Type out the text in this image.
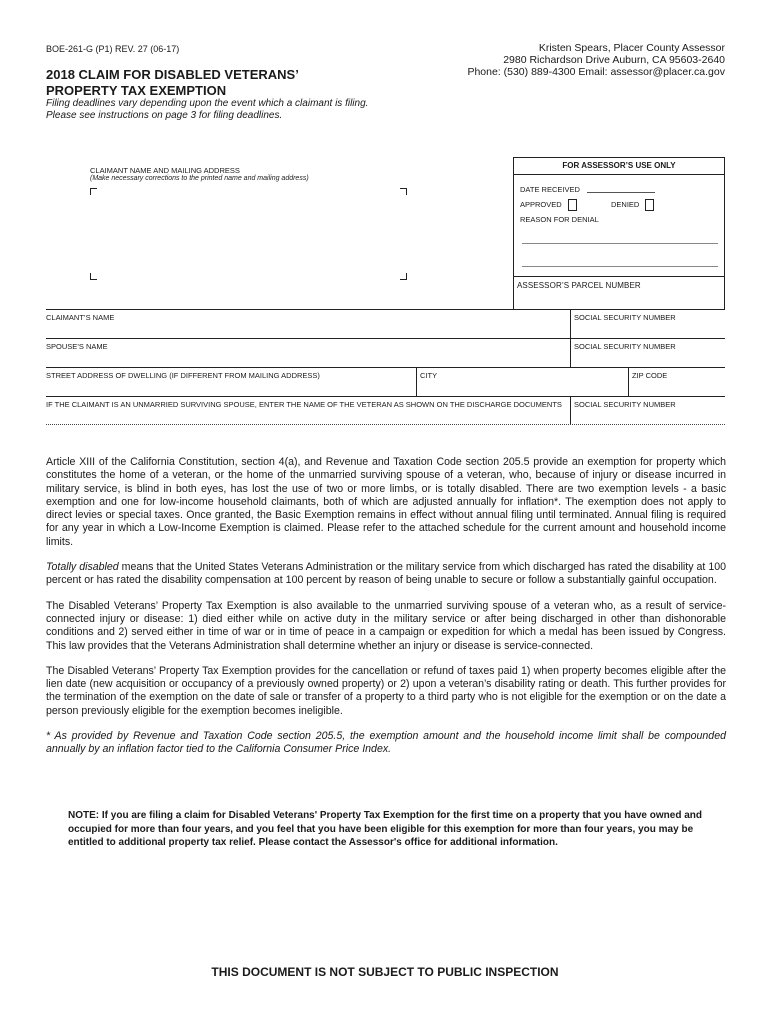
BOE-261-G (P1) REV. 27 (06-17)	Kristen Spears, Placer County Assessor
2980 Richardson Drive Auburn, CA 95603-2640
Phone: (530) 889-4300 Email: assessor@placer.ca.gov
2018 CLAIM FOR DISABLED VETERANS’
PROPERTY TAX EXEMPTION
Filing deadlines vary depending upon the event which a claimant is filing.
Please see instructions on page 3 for filing deadlines.
CLAIMANT NAME AND MAILING ADDRESS
(Make necessary corrections to the printed name and mailing address)
FOR ASSESSOR’S USE ONLY
DATE RECEIVED
APPROVED	DENIED
REASON FOR DENIAL
ASSESSOR’S PARCEL NUMBER
CLAIMANT’S NAME	SOCIAL SECURITY NUMBER
SPOUSE’S NAME	SOCIAL SECURITY NUMBER
STREET ADDRESS OF DWELLING (IF DIFFERENT FROM MAILING ADDRESS)	CITY	ZIP CODE
IF THE CLAIMANT IS AN UNMARRIED SURVIVING SPOUSE, ENTER THE NAME OF THE VETERAN AS SHOWN ON THE DISCHARGE DOCUMENTS	SOCIAL SECURITY NUMBER

Article XIII of the California Constitution, section 4(a), and Revenue and Taxation Code section 205.5 provide an exemption for property which constitutes the home of a veteran, or the home of the unmarried surviving spouse of a veteran, who, because of injury or disease incurred in military service, is blind in both eyes, has lost the use of two or more limbs, or is totally disabled. There are two exemption levels - a basic exemption and one for low-income household claimants, both of which are adjusted annually for inflation*. The exemption does not apply to direct levies or special taxes. Once granted, the Basic Exemption remains in effect without annual filing until terminated. Annual filing is required for any year in which a Low-Income Exemption is claimed. Please refer to the attached schedule for the current amount and household income limits.

Totally disabled means that the United States Veterans Administration or the military service from which discharged has rated the disability at 100 percent or has rated the disability compensation at 100 percent by reason of being unable to secure or follow a substantially gainful occupation.

The Disabled Veterans’ Property Tax Exemption is also available to the unmarried surviving spouse of a veteran who, as a result of service-connected injury or disease: 1) died either while on active duty in the military service or after being discharged in other than dishonorable conditions and 2) served either in time of war or in time of peace in a campaign or expedition for which a medal has been issued by Congress. This law provides that the Veterans Administration shall determine whether an injury or disease is service-connected.

The Disabled Veterans’ Property Tax Exemption provides for the cancellation or refund of taxes paid 1) when property becomes eligible after the lien date (new acquisition or occupancy of a previously owned property) or 2) upon a veteran’s disability rating or death. This further provides for the termination of the exemption on the date of sale or transfer of a property to a third party who is not eligible for the exemption or on the date a person previously eligible for the exemption becomes ineligible.

* As provided by Revenue and Taxation Code section 205.5, the exemption amount and the household income limit shall be compounded annually by an inflation factor tied to the California Consumer Price Index.

NOTE: If you are filing a claim for Disabled Veterans' Property Tax Exemption for the first time on a property that you have owned and occupied for more than four years, and you feel that you have been eligible for this exemption for more than four years, you may be entitled to additional property tax relief. Please contact the Assessor's office for additional information.
THIS DOCUMENT IS NOT SUBJECT TO PUBLIC INSPECTION
